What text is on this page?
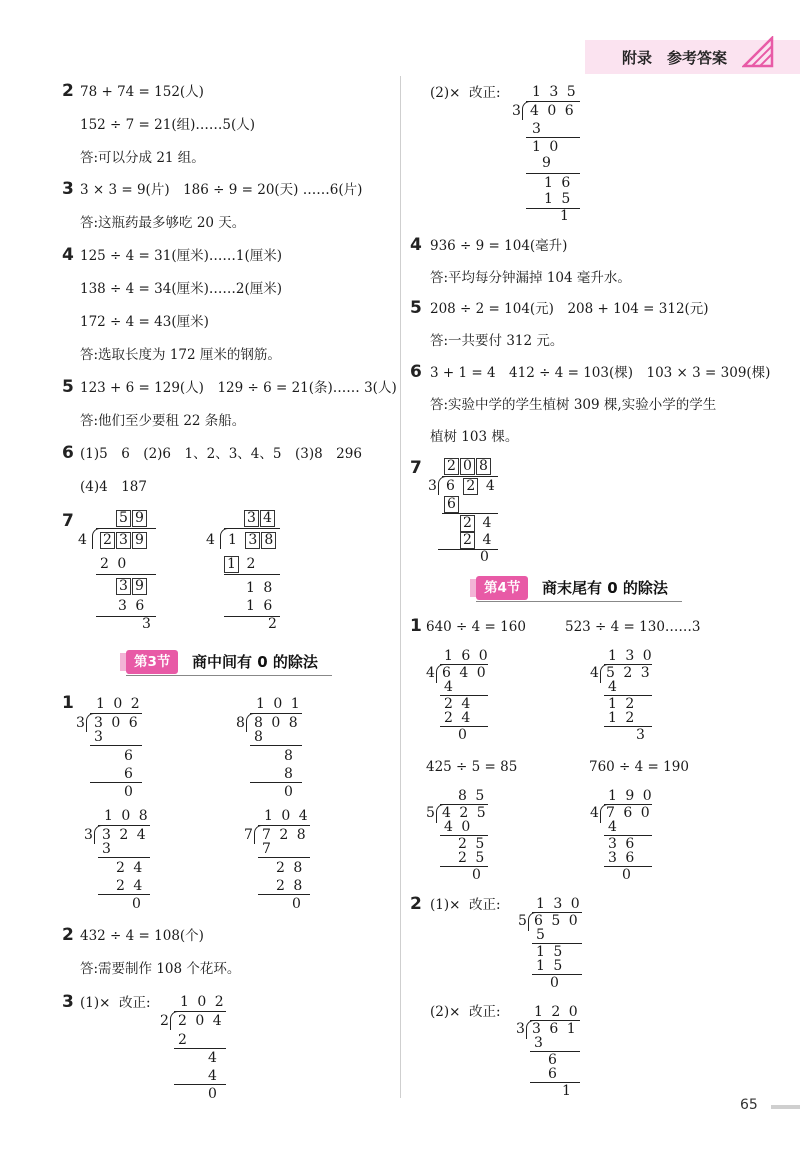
附录　参考答案
2 78 + 74 = 152(人)
152 ÷ 7 = 21(组)……5(人)
答:可以分成 21 组。
3 3 × 3 = 9(片)　186 ÷ 9 = 20(天) ……6(片)
答:这瓶药最多够吃 20 天。
4 125 ÷ 4 = 31(厘米)……1(厘米)
138 ÷ 4 = 34(厘米)……2(厘米)
172 ÷ 4 = 43(厘米)
答:选取长度为 172 厘米的钢筋。
5 123 + 6 = 129(人)　129 ÷ 6 = 21(条)…… 3(人)
答:他们至少要租 22 条船。
6 (1)5　6　(2)6　1、2、3、4、5　(3)8　296
(4)4　187
7	5 9
4 2 3 9
2 0
3 9
3 6
3
3 4
4 1 3 8
1 2
1 8
1 6
2
第3节	商中间有 0 的除法
1 1 0 2
3 3 0 6
3
6
6
0
1 0 1
8 8 0 8
8
8
8
0
1 0 8
3 3 2 4
3
2 4
2 4
0
1 0 4
7 7 2 8
7
2 8
2 8
0
2 432 ÷ 4 = 108(个)
答:需要制作 108 个花环。
3 (1)× 改正: 1 0 2
2 2 0 4
2
4
4
0
(2)× 改正: 1 3 5
3 4 0 6
3
1 0
9
1 6
1 5
1
4 936 ÷ 9 = 104(毫升)
答:平均每分钟漏掉 104 毫升水。
5 208 ÷ 2 = 104(元)　208 + 104 = 312(元)
答:一共要付 312 元。
6 3 + 1 = 4　412 ÷ 4 = 103(棵)　103 × 3 = 309(棵)
答:实验中学的学生植树 309 棵,实验小学的学生
植树 103 棵。
7 2 0 8
3 6 2 4
6
2 4
2 4
0
第4节	商末尾有 0 的除法
1 640 ÷ 4 = 160	523 ÷ 4 = 130……3
1 6 0
4 6 4 0
4
2 4
2 4
0
1 3 0
4 5 2 3
4
1 2
1 2
3
425 ÷ 5 = 85	760 ÷ 4 = 190
8 5
5 4 2 5
4 0
2 5
2 5
0
1 9 0
4 7 6 0
4
3 6
3 6
0
2 (1)× 改正:	1 3 0
5 6 5 0
5
1 5
1 5
0
(2)× 改正: 1 2 0
3 3 6 1
3
6
6
1
65
